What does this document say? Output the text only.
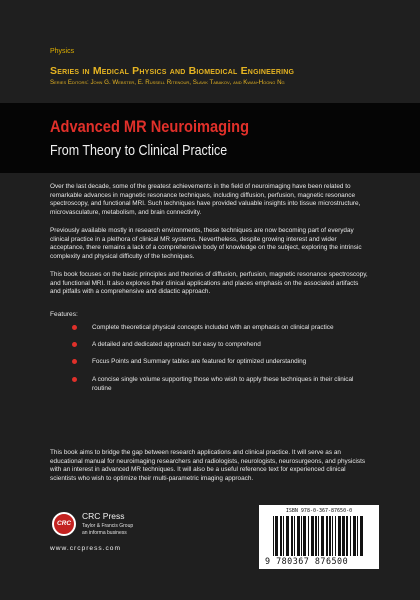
Physics
Series in Medical Physics and Biomedical Engineering
Series Editors: John G. Webster, E. Russell Ritenour, Slavik Tabakov, and Kwan-Hoong Ng
Advanced MR Neuroimaging
From Theory to Clinical Practice

Over the last decade, some of the greatest achievements in the field of neuroimaging have been related to remarkable advances in magnetic resonance techniques, including diffusion, perfusion, magnetic resonance spectroscopy, and functional MRI. Such techniques have provided valuable insights into tissue microstructure, microvasculature, metabolism, and brain connectivity.

Previously available mostly in research environments, these techniques are now becoming part of everyday clinical practice in a plethora of clinical MR systems. Nevertheless, despite growing interest and wider acceptance, there remains a lack of a comprehensive body of knowledge on the subject, exploring the intrinsic complexity and physical difficulty of the techniques.

This book focuses on the basic principles and theories of diffusion, perfusion, magnetic resonance spectroscopy, and functional MRI. It also explores their clinical applications and places emphasis on the associated artifacts and pitfalls with a comprehensive and didactic approach.

Features:
Complete theoretical physical concepts included with an emphasis on clinical practice
A detailed and dedicated approach but easy to comprehend
Focus Points and Summary tables are featured for optimized understanding
A concise single volume supporting those who wish to apply these techniques in their clinical routine

This book aims to bridge the gap between research applications and clinical practice. It will serve as an educational manual for neuroimaging researchers and radiologists, neurologists, neurosurgeons, and physicists with an interest in advanced MR techniques. It will also be a useful reference text for experienced clinical scientists who wish to optimize their multi-parametric imaging approach.

CRC
CRC Press
Taylor & Francis Group
an informa business
www.crcpress.com
ISBN 978-0-367-87650-0
9 780367 876500
